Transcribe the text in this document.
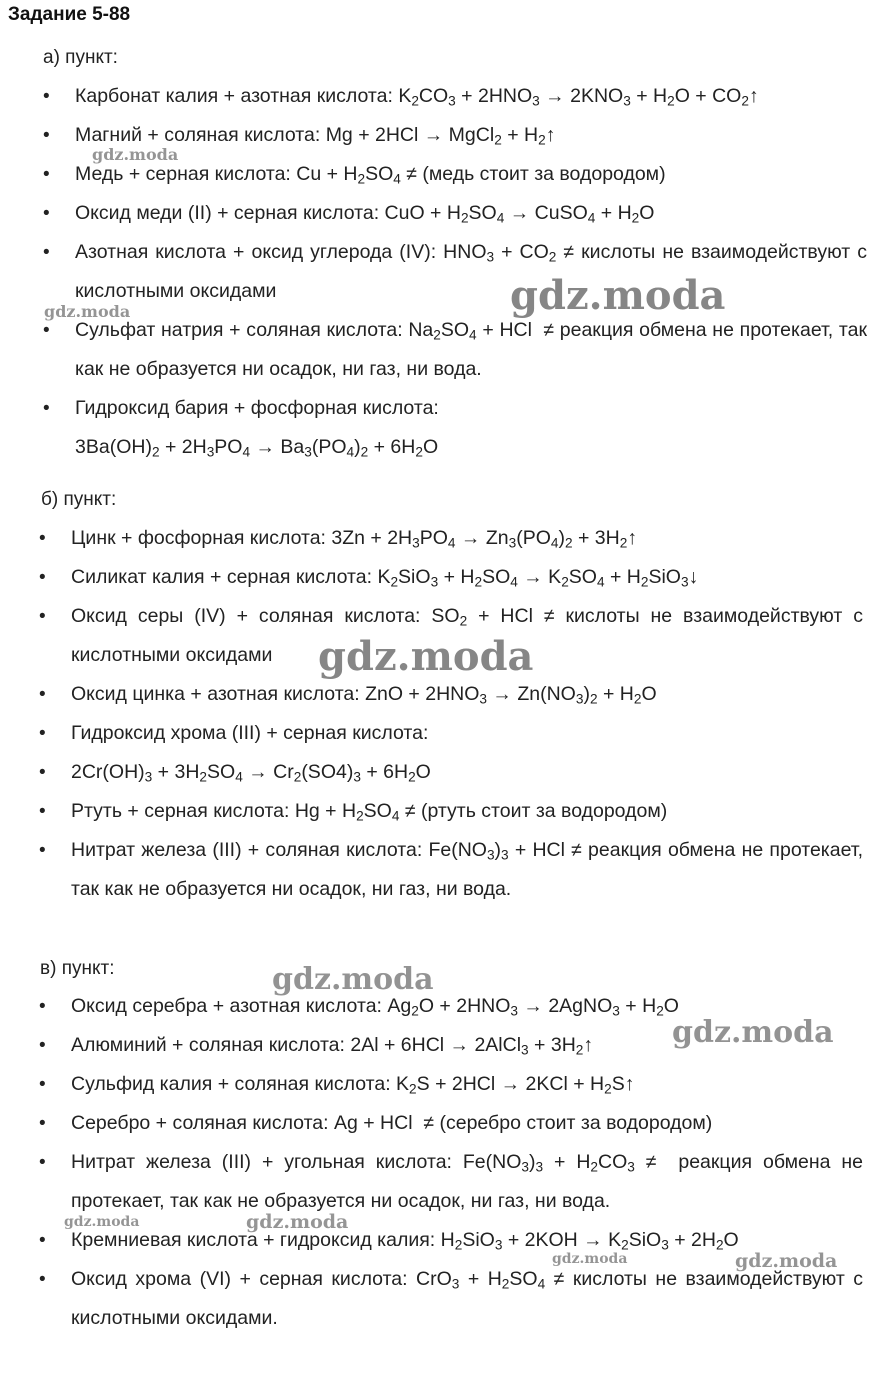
Задание 5-88
а) пункт:
• Карбонат калия + азотная кислота: $K_2CO_3 + 2HNO_3 \to 2KNO_3 + H_2O$ + $CO_2↑$
• Магний + соляная кислота: Mg + 2HCl → MgCl$_2$ + $H_2↑$
• Медь + серная кислота: $Cu + H_2SO_4$ ≠ (медь стоит за водородом)
• Оксид меди (II) + серная кислота: CuO + $H_2SO_4$ → CuSO$_4$ + $H_2O$
• Азотная кислота + оксид углерода (IV): $HNO_3 + CO_2$ ≠ кислоты не взаимодействуют с кислотными оксидами
• Сульфат натрия + соляная кислота: $Na_2SO_4$ + HCl  ≠ реакция обмена не протекает, так как не образуется ни осадок, ни газ, ни вода.
• Гидроксид бария + фосфорная кислота:
$3Ba(OH)_2 + 2H_3PO_4 \to Ba_3(PO_4)_2 + 6H_2O$
б) пункт:
• Цинк + фосфорная кислота: $3Zn + 2H_3PO_4 \to Zn_3(PO_4)_2$ + $3H_2↑$
• Силикат калия + серная кислота: $K_2SiO_3 + H_2SO_4 \to K_2SO_4$ + $H_2SiO_3↓$
• Оксид серы (IV) + соляная кислота: $SO_2$ + HCl ≠ кислоты не взаимодействуют с кислотными оксидами
• Оксид цинка + азотная кислота: ZnO + $2HNO_3 \to Zn(NO_3)_2 + H_2O$
• Гидроксид хрома (III) + серная кислота:
• $2Cr(OH)_3 + 3H_2SO_4 \to Cr_2(SO4)_3 + 6H_2O$
• Ртуть + серная кислота: $Hg + H_2SO_4$ ≠ (ртуть стоит за водородом)
• Нитрат железа (III) + соляная кислота: $Fe(NO_3)_3$ + HCl ≠ реакция обмена не протекает, так как не образуется ни осадок, ни газ, ни вода.
в) пункт:
• Оксид серебра + азотная кислота: $Ag_2O + 2HNO_3$ → 2AgNO$_3$ + $H_2O$
• Алюминий + соляная кислота: 2Al + 6HCl → 2AlCl$_3$ + $3H_2↑$
• Сульфид калия + соляная кислота: $K_2S + 2HCl \to 2KCl$ + $H_2S↑$
• Серебро + соляная кислота: Ag + HCl  ≠ (серебро стоит за водородом)
• Нитрат железа (III) + угольная кислота: $Fe(NO_3)_3 + H_2CO_3$ ≠  реакция обмена не протекает, так как не образуется ни осадок, ни газ, ни вода.
• Кремниевая кислота + гидроксид калия: $H_2SiO_3 + 2KOH \to K_2SiO_3 + 2H_2O$
• Оксид хрома (VI) + серная кислота: $CrO_3 + H_2SO_4$ ≠ кислоты не взаимодействуют с кислотными оксидами.
gdz.moda
gdz.moda
gdz.moda
gdz.moda
gdz.moda
gdz.moda
gdz.moda	gdz.moda
gdz.moda	gdz.moda
